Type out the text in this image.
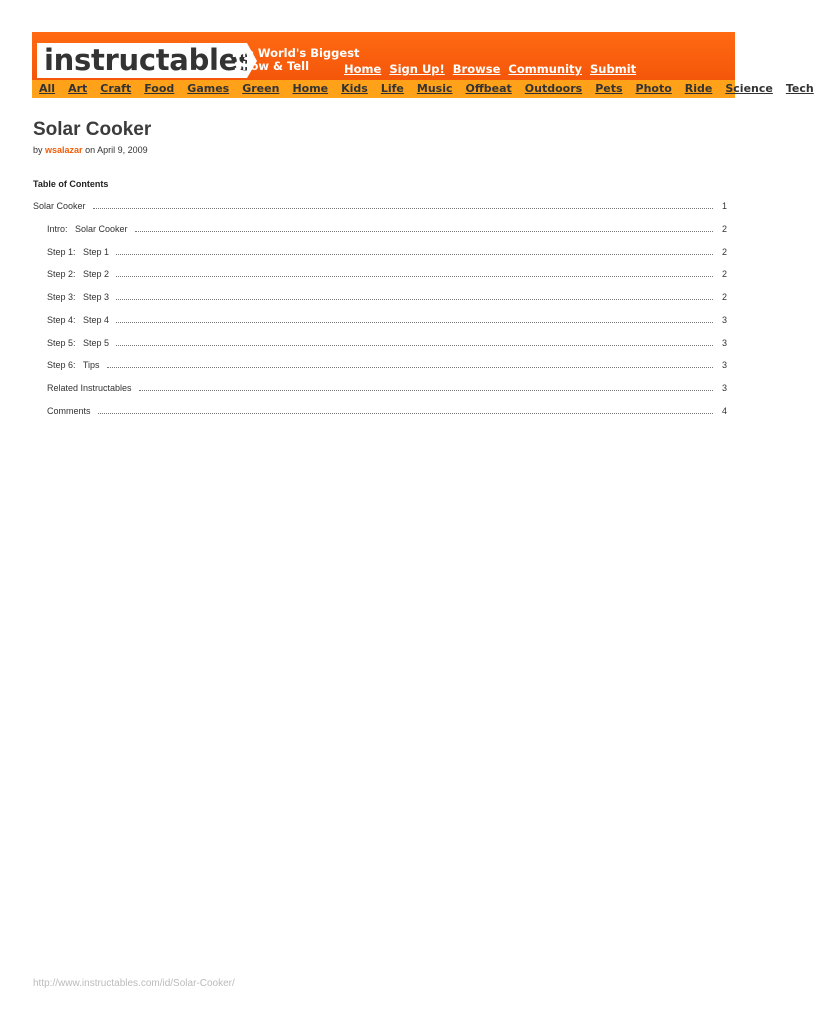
instructables
The World's Biggest
Show & Tell	Home Sign Up! Browse Community Submit
All Art Craft Food Games Green Home Kids Life Music Offbeat Outdoors Pets Photo Ride Science Tech
Solar Cooker
by wsalazar on April 9, 2009
Table of Contents
Solar Cooker	1
Intro:   Solar Cooker	2
Step 1:   Step 1	2
Step 2:   Step 2	2
Step 3:   Step 3	2
Step 4:   Step 4	3
Step 5:   Step 5	3
Step 6:   Tips	3
Related Instructables	3
Comments	4
http://www.instructables.com/id/Solar-Cooker/
